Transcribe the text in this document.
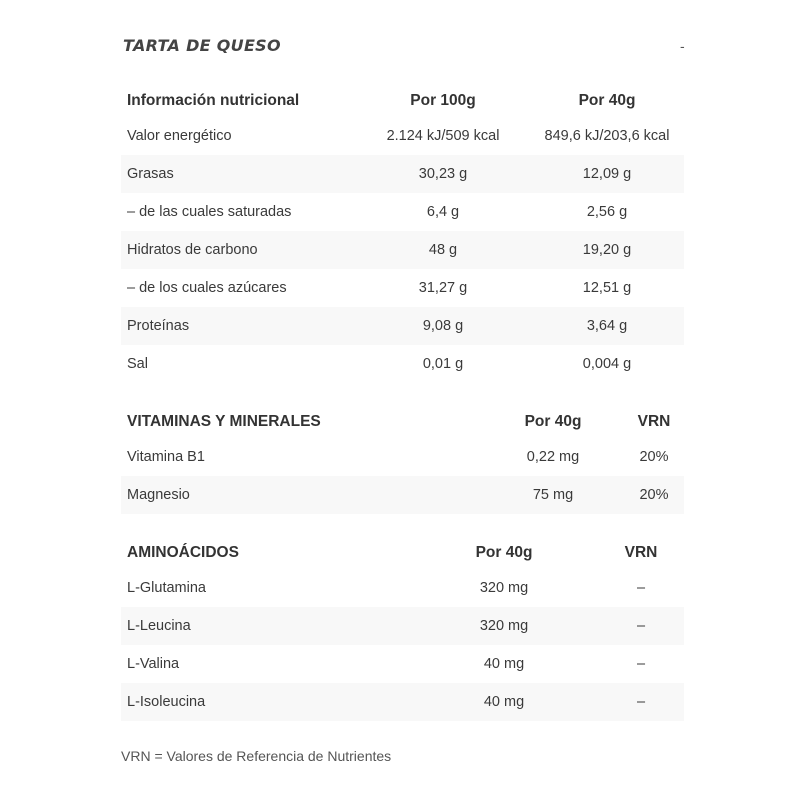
TARTA DE QUESO	-
Información nutricional	Por 100g	Por 40g
Valor energético	2.124 kJ/509 kcal	849,6 kJ/203,6 kcal
Grasas	30,23 g	12,09 g
– de las cuales saturadas	6,4 g	2,56 g
Hidratos de carbono	48 g	19,20 g
– de los cuales azúcares	31,27 g	12,51 g
Proteínas	9,08 g	3,64 g
Sal	0,01 g	0,004 g
VITAMINAS Y MINERALES	Por 40g	VRN
Vitamina B1	0,22 mg	20%
Magnesio	75 mg	20%
AMINOÁCIDOS	Por 40g	VRN
L-Glutamina	320 mg	–
L-Leucina	320 mg	–
L-Valina	40 mg	–
L-Isoleucina	40 mg	–
VRN = Valores de Referencia de Nutrientes
